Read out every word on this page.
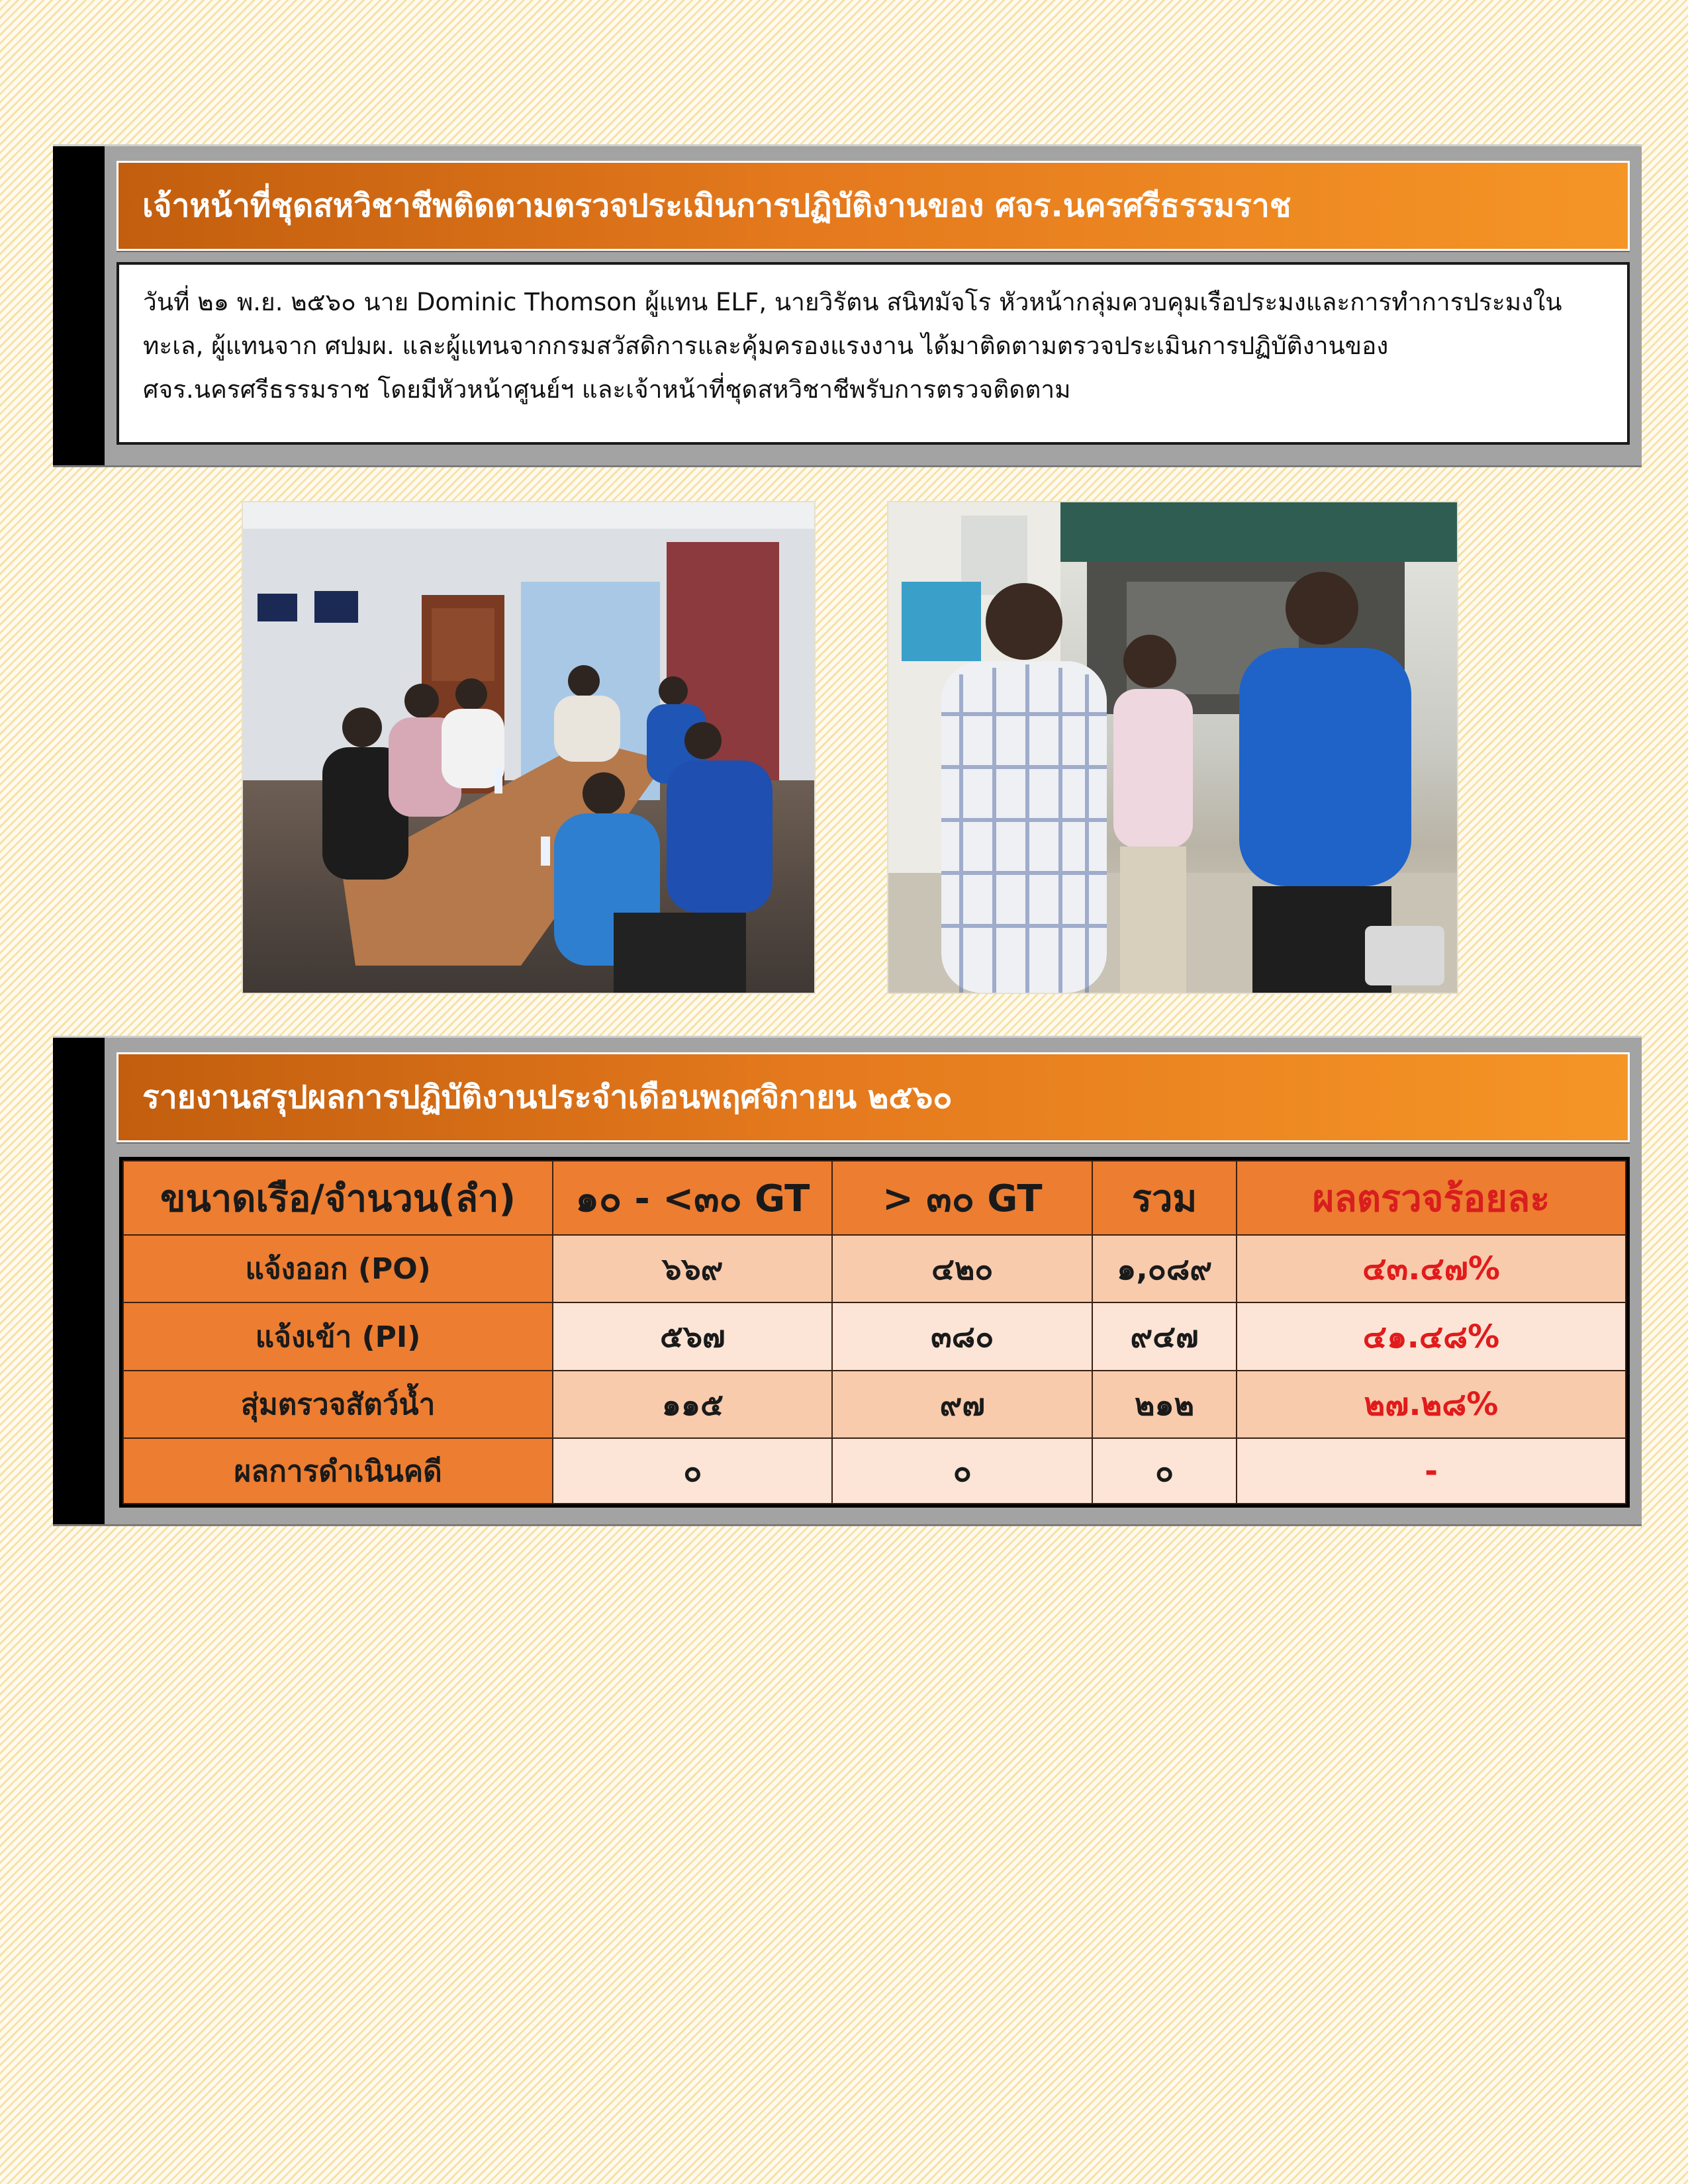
เจ้าหน้าที่ชุดสหวิชาชีพติดตามตรวจประเมินการปฏิบัติงานของ ศจร.นครศรีธรรมราช

วันที่ ๒๑ พ.ย. ๒๕๖๐ นาย Dominic Thomson ผู้แทน ELF, นายวิรัตน สนิทมัจโร หัวหน้ากลุ่มควบคุมเรือประมงและการทำการประมงในทะเล, ผู้แทนจาก ศปมผ. และผู้แทนจากกรมสวัสดิการและคุ้มครองแรงงาน ได้มาติดตามตรวจประเมินการปฏิบัติงานของ ศจร.นครศรีธรรมราช โดยมีหัวหน้าศูนย์ฯ และเจ้าหน้าที่ชุดสหวิชาชีพรับการตรวจติดตาม

รายงานสรุปผลการปฏิบัติงานประจำเดือนพฤศจิกายน ๒๕๖๐
ขนาดเรือ/จำนวน(ลำ)	๑๐ - <๓๐ GT	> ๓๐ GT	รวม	ผลตรวจร้อยละ
แจ้งออก (PO)	๖๖๙	๔๒๐	๑,๐๘๙	๔๓.๔๗%
แจ้งเข้า (PI)	๕๖๗	๓๘๐	๙๔๗	๔๑.๔๘%
สุ่มตรวจสัตว์น้ำ	๑๑๕	๙๗	๒๑๒	๒๗.๒๘%
ผลการดำเนินคดี	๐	๐	๐	-
